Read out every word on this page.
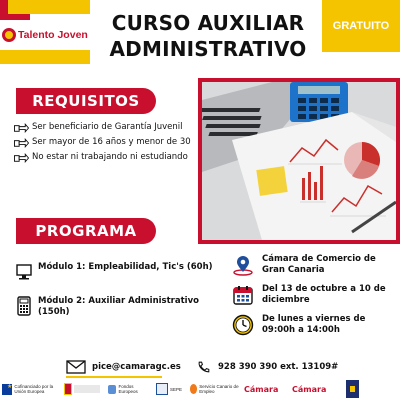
Talento Joven	CURSO AUXILIAR
ADMINISTRATIVO
GRATUITO
REQUISITOS
Ser beneficiario de Garantía Juvenil
Ser mayor de 16 años y menor de 30
No estar ni trabajando ni estudiando
PROGRAMA
Módulo 1: Empleabilidad, Tic's (60h)
Módulo 2: Auxiliar Administrativo (150h)
Cámara de Comercio de Gran Canaria
Del 13 de octubre a 10 de diciembre
De lunes a viernes de 09:00h a 14:00h
pice@camaragc.es	928 390 390 ext. 13109#
★
Cofinanciado por la Unión Europea
Fondos Europeos	SEPE	Servicio Canario de Empleo	Cámara Cámara
